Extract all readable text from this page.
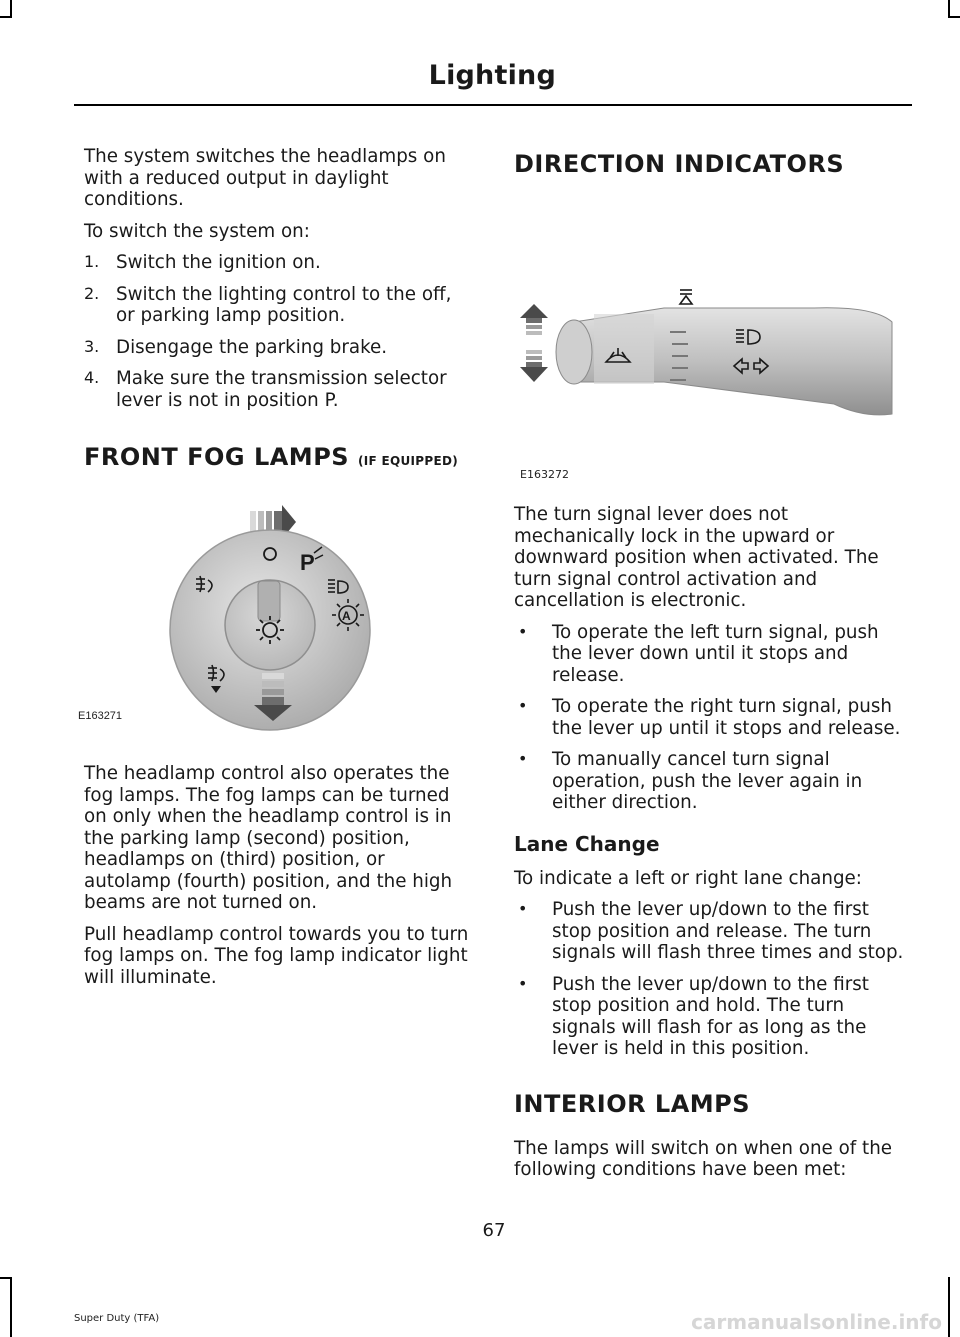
Lighting

The system switches the headlamps on with a reduced output in daylight conditions.

To switch the system on:

1. Switch the ignition on.

2. Switch the lighting control to the off, or parking lamp position.

3. Disengage the parking brake.

4. Make sure the transmission selector lever is not in position P.

FRONT FOG LAMPS (IF EQUIPPED)
P
A
E163271

The headlamp control also operates the fog lamps. The fog lamps can be turned on only when the headlamp control is in the parking lamp (second) position, headlamps on (third) position, or autolamp (fourth) position, and the high beams are not turned on.

Pull headlamp control towards you to turn fog lamps on. The fog lamp indicator light will illuminate.

DIRECTION INDICATORS
E163272

The turn signal lever does not mechanically lock in the upward or downward position when activated. The turn signal control activation and cancellation is electronic.

•	To operate the left turn signal, push the lever down until it stops and release.

•	To operate the right turn signal, push the lever up until it stops and release.

•	To manually cancel turn signal operation, push the lever again in either direction.

Lane Change

To indicate a left or right lane change:

•	Push the lever up/down to the first stop position and release. The turn signals will flash three times and stop.

•	Push the lever up/down to the first stop position and hold. The turn signals will flash for as long as the lever is held in this position.

INTERIOR LAMPS

The lamps will switch on when one of the following conditions have been met:

67
Super Duty (TFA)	carmanualsonline.info
